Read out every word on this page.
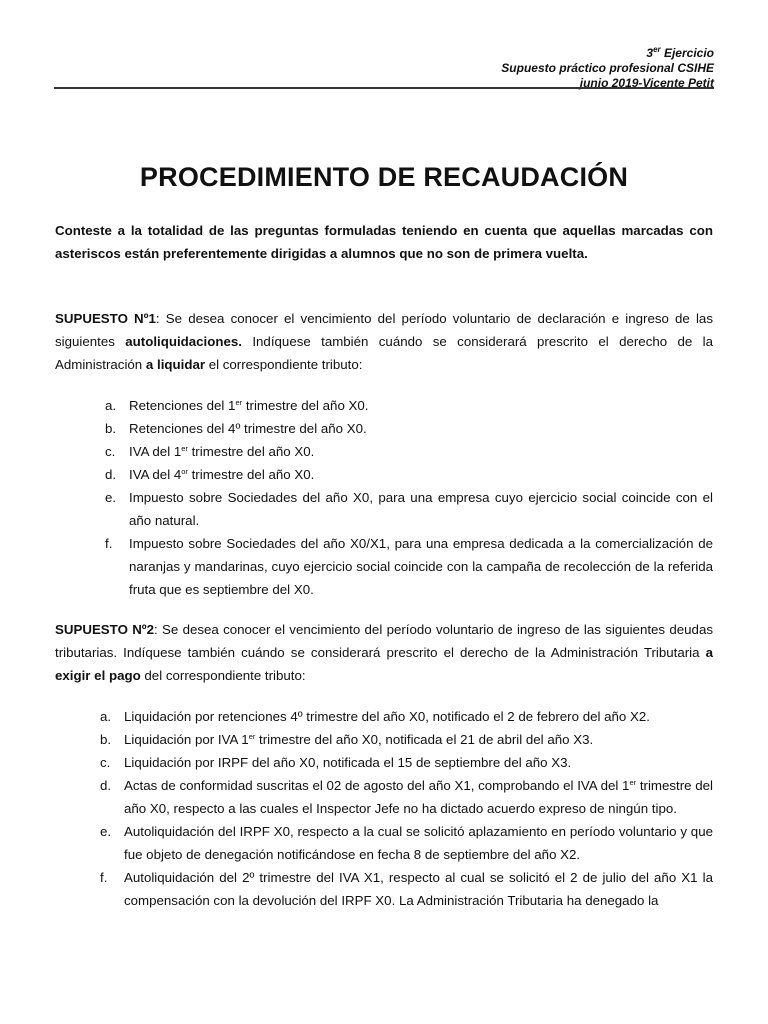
3er Ejercicio
Supuesto práctico profesional CSIHE
junio 2019-Vicente Petit
PROCEDIMIENTO DE RECAUDACIÓN

Conteste a la totalidad de las preguntas formuladas teniendo en cuenta que aquellas marcadas con asteriscos están preferentemente dirigidas a alumnos que no son de primera vuelta.

SUPUESTO Nº1: Se desea conocer el vencimiento del período voluntario de declaración e ingreso de las siguientes autoliquidaciones. Indíquese también cuándo se considerará prescrito el derecho de la Administración a liquidar el correspondiente tributo:

a. Retenciones del 1er trimestre del año X0.
b. Retenciones del 4º trimestre del año X0.
c. IVA del 1er trimestre del año X0.
d. IVA del $4^{or}$ trimestre del año X0.
e. Impuesto sobre Sociedades del año X0, para una empresa cuyo ejercicio social coincide con el año natural.
f. Impuesto sobre Sociedades del año X0/X1, para una empresa dedicada a la comercialización de naranjas y mandarinas, cuyo ejercicio social coincide con la campaña de recolección de la referida fruta que es septiembre del X0.

SUPUESTO Nº2: Se desea conocer el vencimiento del período voluntario de ingreso de las siguientes deudas tributarias. Indíquese también cuándo se considerará prescrito el derecho de la Administración Tributaria a exigir el pago del correspondiente tributo:

a. Liquidación por retenciones 4º trimestre del año X0, notificado el 2 de febrero del año X2.
b. Liquidación por IVA 1er trimestre del año X0, notificada el 21 de abril del año X3.
c. Liquidación por IRPF del año X0, notificada el 15 de septiembre del año X3.
d. Actas de conformidad suscritas el 02 de agosto del año X1, comprobando el IVA del 1er trimestre del año X0, respecto a las cuales el Inspector Jefe no ha dictado acuerdo expreso de ningún tipo.
e. Autoliquidación del IRPF X0, respecto a la cual se solicitó aplazamiento en período voluntario y que fue objeto de denegación notificándose en fecha 8 de septiembre del año X2.
f. Autoliquidación del 2º trimestre del IVA X1, respecto al cual se solicitó el 2 de julio del año X1 la compensación con la devolución del IRPF X0. La Administración Tributaria ha denegado la
